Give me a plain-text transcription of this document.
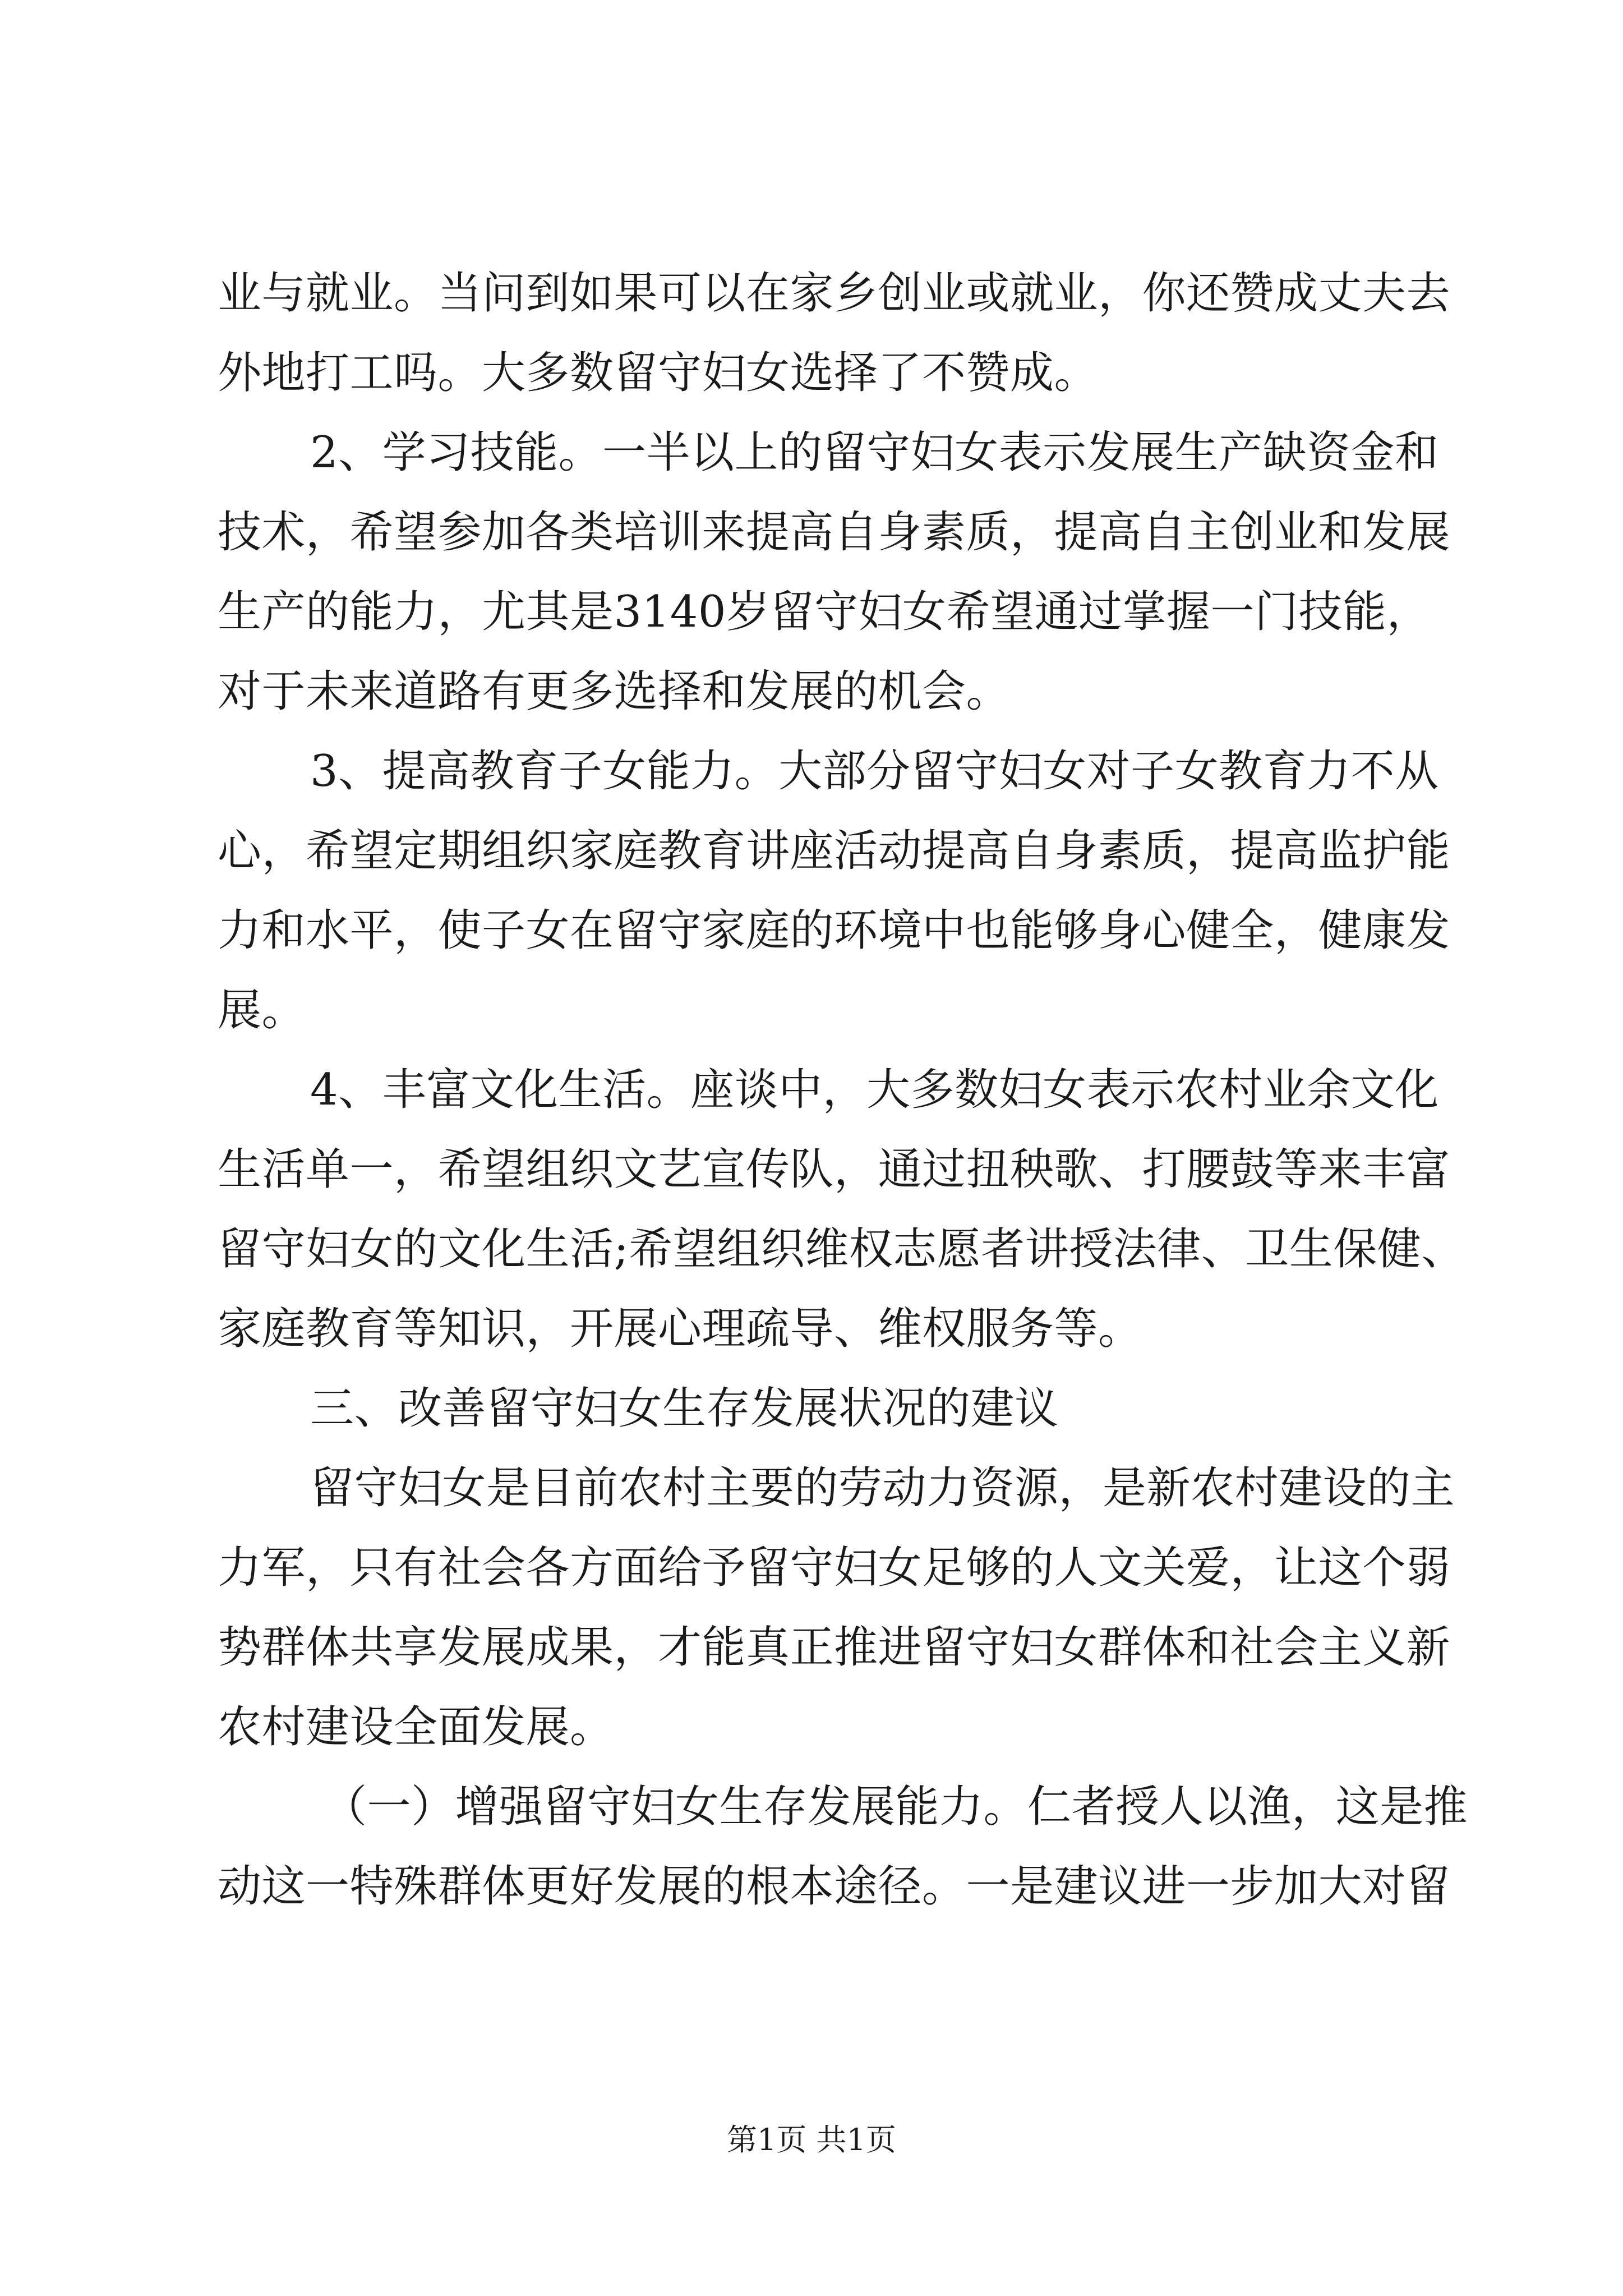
业与就业。当问到如果可以在家乡创业或就业，你还赞成丈夫去
外地打工吗。大多数留守妇女选择了不赞成。
2、学习技能。一半以上的留守妇女表示发展生产缺资金和
技术，希望参加各类培训来提高自身素质，提高自主创业和发展
生产的能力，尤其是3140岁留守妇女希望通过掌握一门技能，
对于未来道路有更多选择和发展的机会。
3、提高教育子女能力。大部分留守妇女对子女教育力不从
心，希望定期组织家庭教育讲座活动提高自身素质，提高监护能
力和水平，使子女在留守家庭的环境中也能够身心健全，健康发
展。
4、丰富文化生活。座谈中，大多数妇女表示农村业余文化
生活单一，希望组织文艺宣传队，通过扭秧歌、打腰鼓等来丰富
留守妇女的文化生活;希望组织维权志愿者讲授法律、卫生保健、
家庭教育等知识，开展心理疏导、维权服务等。
三、改善留守妇女生存发展状况的建议
留守妇女是目前农村主要的劳动力资源，是新农村建设的主
力军，只有社会各方面给予留守妇女足够的人文关爱，让这个弱
势群体共享发展成果，才能真正推进留守妇女群体和社会主义新
农村建设全面发展。
（一）增强留守妇女生存发展能力。仁者授人以渔，这是推
动这一特殊群体更好发展的根本途径。一是建议进一步加大对留
第1页 共1页
